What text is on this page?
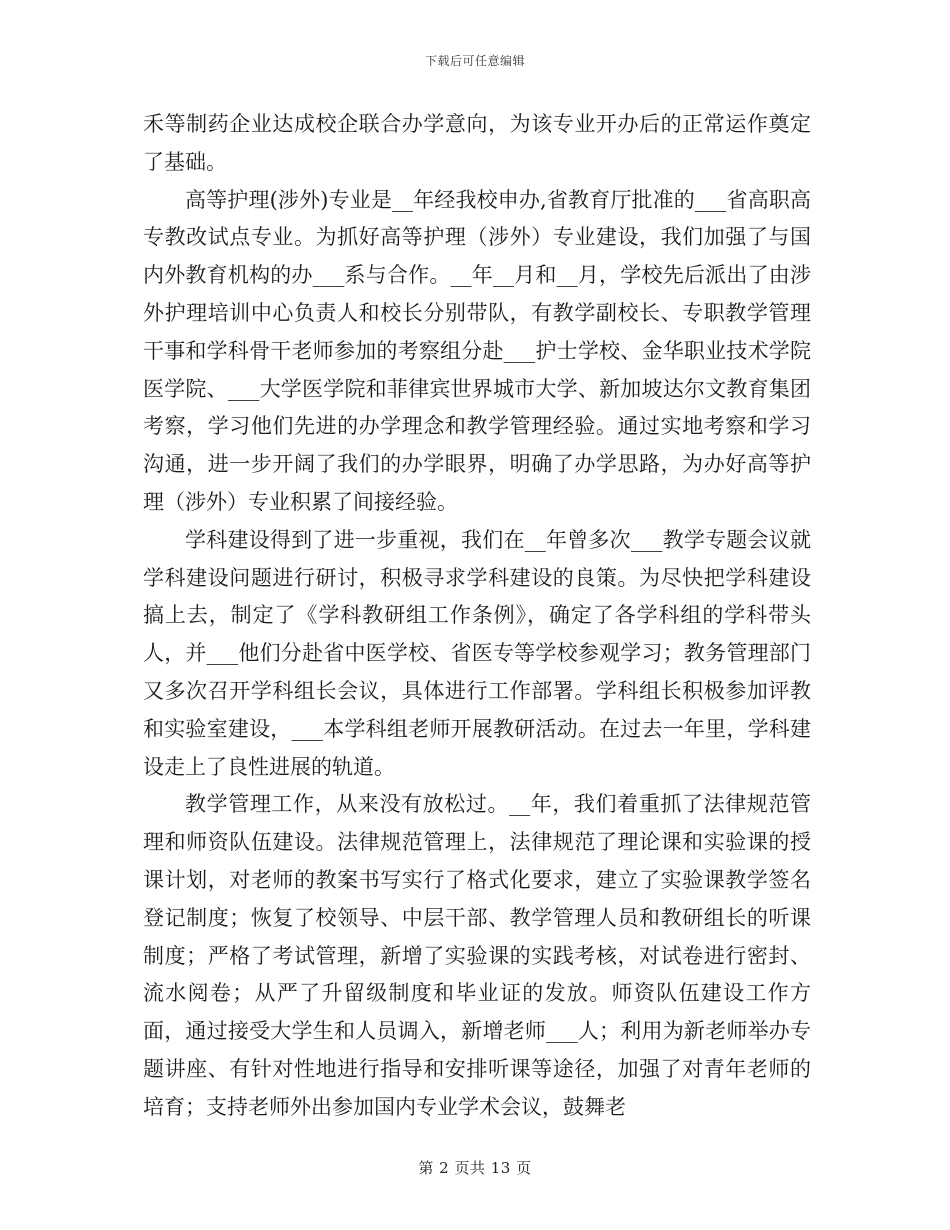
下载后可任意编辑

禾等制药企业达成校企联合办学意向，为该专业开办后的正常运作奠定了基础。

高等护理(涉外)专业是__年经我校申办,省教育厅批准的___省高职高专教改试点专业。为抓好高等护理（涉外）专业建设，我们加强了与国内外教育机构的办___系与合作。__年__月和__月，学校先后派出了由涉外护理培训中心负责人和校长分别带队，有教学副校长、专职教学管理干事和学科骨干老师参加的考察组分赴___护士学校、金华职业技术学院医学院、___大学医学院和菲律宾世界城市大学、新加坡达尔文教育集团考察，学习他们先进的办学理念和教学管理经验。通过实地考察和学习沟通，进一步开阔了我们的办学眼界，明确了办学思路，为办好高等护理（涉外）专业积累了间接经验。

学科建设得到了进一步重视，我们在__年曾多次___教学专题会议就学科建设问题进行研讨，积极寻求学科建设的良策。为尽快把学科建设搞上去，制定了《学科教研组工作条例》，确定了各学科组的学科带头人，并___他们分赴省中医学校、省医专等学校参观学习；教务管理部门又多次召开学科组长会议，具体进行工作部署。学科组长积极参加评教和实验室建设，___本学科组老师开展教研活动。在过去一年里，学科建设走上了良性进展的轨道。

教学管理工作，从来没有放松过。__年，我们着重抓了法律规范管理和师资队伍建设。法律规范管理上，法律规范了理论课和实验课的授课计划，对老师的教案书写实行了格式化要求，建立了实验课教学签名登记制度；恢复了校领导、中层干部、教学管理人员和教研组长的听课制度；严格了考试管理，新增了实验课的实践考核，对试卷进行密封、流水阅卷；从严了升留级制度和毕业证的发放。师资队伍建设工作方面，通过接受大学生和人员调入，新增老师___人；利用为新老师举办专题讲座、有针对性地进行指导和安排听课等途径，加强了对青年老师的培育；支持老师外出参加国内专业学术会议，鼓舞老

第 2 页共 13 页
